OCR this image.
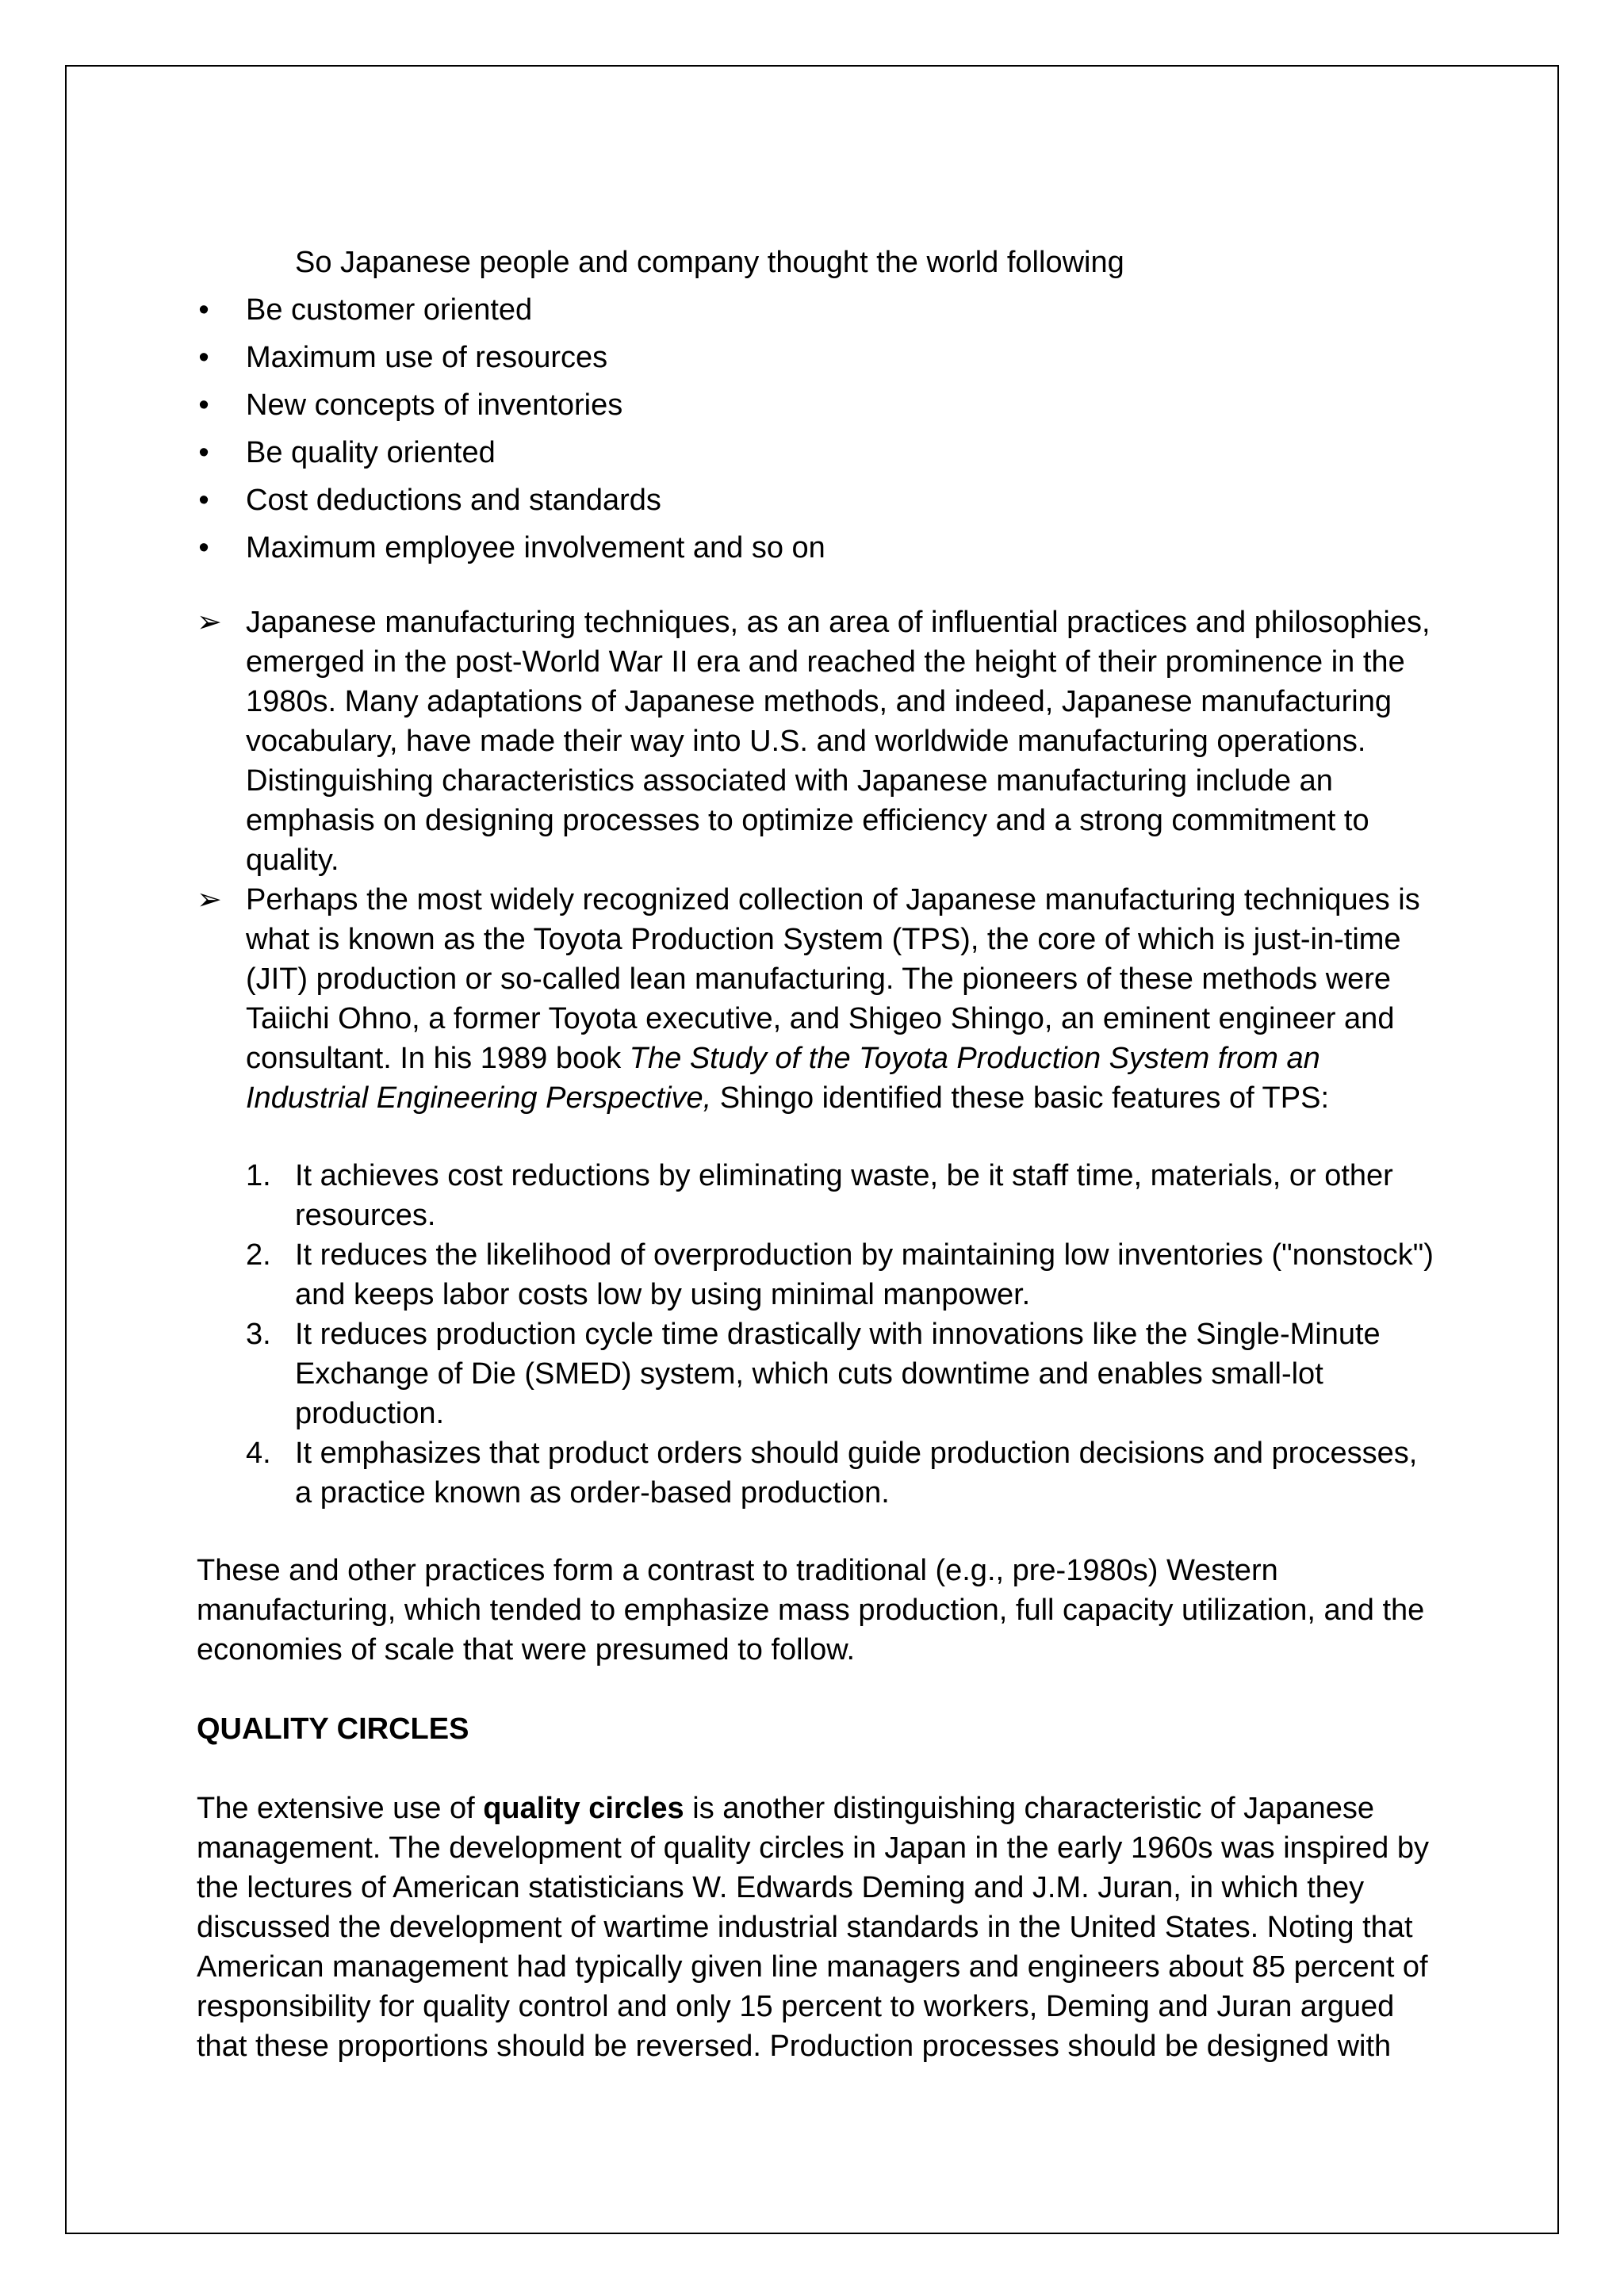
So Japanese people and company thought the world following

• Be customer oriented
• Maximum use of resources
• New concepts of inventories
• Be quality oriented
• Cost deductions and standards
• Maximum employee involvement and so on
➢ Japanese manufacturing techniques, as an area of influential practices and philosophies, emerged in the post-World War II era and reached the height of their prominence in the 1980s. Many adaptations of Japanese methods, and indeed, Japanese manufacturing vocabulary, have made their way into U.S. and worldwide manufacturing operations. Distinguishing characteristics associated with Japanese manufacturing include an emphasis on designing processes to optimize efficiency and a strong commitment to quality.
➢ Perhaps the most widely recognized collection of Japanese manufacturing techniques is what is known as the Toyota Production System (TPS), the core of which is just-in-time (JIT) production or so-called lean manufacturing. The pioneers of these methods were Taiichi Ohno, a former Toyota executive, and Shigeo Shingo, an eminent engineer and consultant. In his 1989 book The Study of the Toyota Production System from an Industrial Engineering Perspective, Shingo identified these basic features of TPS:
1. It achieves cost reductions by eliminating waste, be it staff time, materials, or other resources.
2. It reduces the likelihood of overproduction by maintaining low inventories ("nonstock") and keeps labor costs low by using minimal manpower.
3. It reduces production cycle time drastically with innovations like the Single-Minute Exchange of Die (SMED) system, which cuts downtime and enables small-lot production.
4. It emphasizes that product orders should guide production decisions and processes, a practice known as order-based production.

These and other practices form a contrast to traditional (e.g., pre-1980s) Western manufacturing, which tended to emphasize mass production, full capacity utilization, and the economies of scale that were presumed to follow.

QUALITY CIRCLES

The extensive use of quality circles is another distinguishing characteristic of Japanese management. The development of quality circles in Japan in the early 1960s was inspired by the lectures of American statisticians W. Edwards Deming and J.M. Juran, in which they discussed the development of wartime industrial standards in the United States. Noting that American management had typically given line managers and engineers about 85 percent of responsibility for quality control and only 15 percent to workers, Deming and Juran argued that these proportions should be reversed. Production processes should be designed with
